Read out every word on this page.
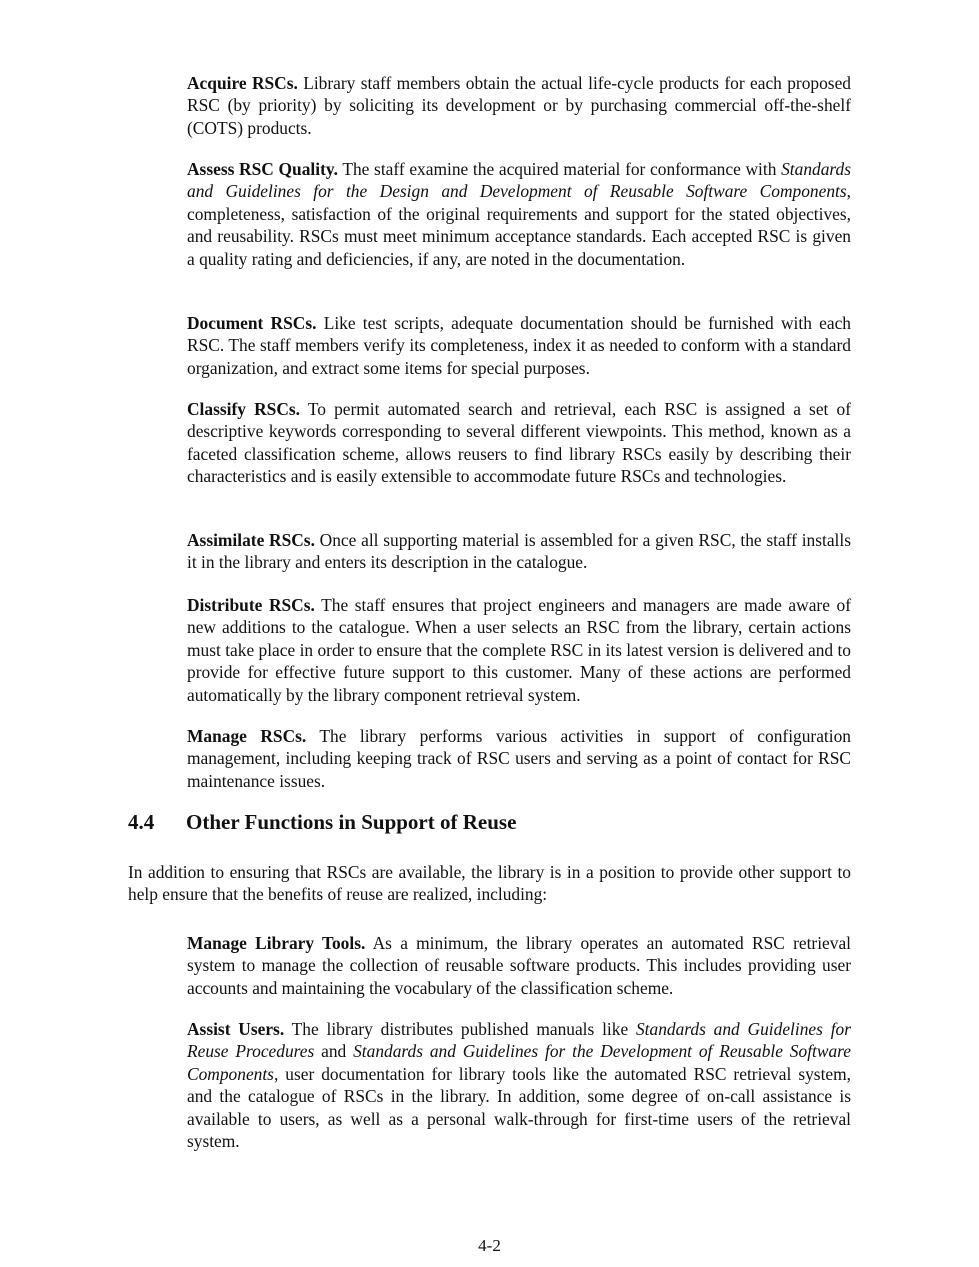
Acquire RSCs. Library staff members obtain the actual life-cycle products for each proposed RSC (by priority) by soliciting its development or by purchasing commercial off-the-shelf (COTS) products.

Assess RSC Quality. The staff examine the acquired material for conformance with Standards and Guidelines for the Design and Development of Reusable Software Components, completeness, satisfaction of the original requirements and support for the stated objectives, and reusability. RSCs must meet minimum acceptance standards. Each accepted RSC is given a quality rating and deficiencies, if any, are noted in the documentation.

Document RSCs. Like test scripts, adequate documentation should be furnished with each RSC. The staff members verify its completeness, index it as needed to conform with a standard organization, and extract some items for special purposes.

Classify RSCs. To permit automated search and retrieval, each RSC is assigned a set of descriptive keywords corresponding to several different viewpoints. This method, known as a faceted classification scheme, allows reusers to find library RSCs easily by describing their characteristics and is easily extensible to accommodate future RSCs and technologies.

Assimilate RSCs. Once all supporting material is assembled for a given RSC, the staff installs it in the library and enters its description in the catalogue.

Distribute RSCs. The staff ensures that project engineers and managers are made aware of new additions to the catalogue. When a user selects an RSC from the library, certain actions must take place in order to ensure that the complete RSC in its latest version is delivered and to provide for effective future support to this customer. Many of these actions are performed automatically by the library component retrieval system.

Manage RSCs. The library performs various activities in support of configuration management, including keeping track of RSC users and serving as a point of contact for RSC maintenance issues.

4.4 Other Functions in Support of Reuse

In addition to ensuring that RSCs are available, the library is in a position to provide other support to help ensure that the benefits of reuse are realized, including:

Manage Library Tools. As a minimum, the library operates an automated RSC retrieval system to manage the collection of reusable software products. This includes providing user accounts and maintaining the vocabulary of the classification scheme.

Assist Users. The library distributes published manuals like Standards and Guidelines for Reuse Procedures and Standards and Guidelines for the Development of Reusable Software Components, user documentation for library tools like the automated RSC retrieval system, and the catalogue of RSCs in the library. In addition, some degree of on-call assistance is available to users, as well as a personal walk-through for first-time users of the retrieval system.

4-2
